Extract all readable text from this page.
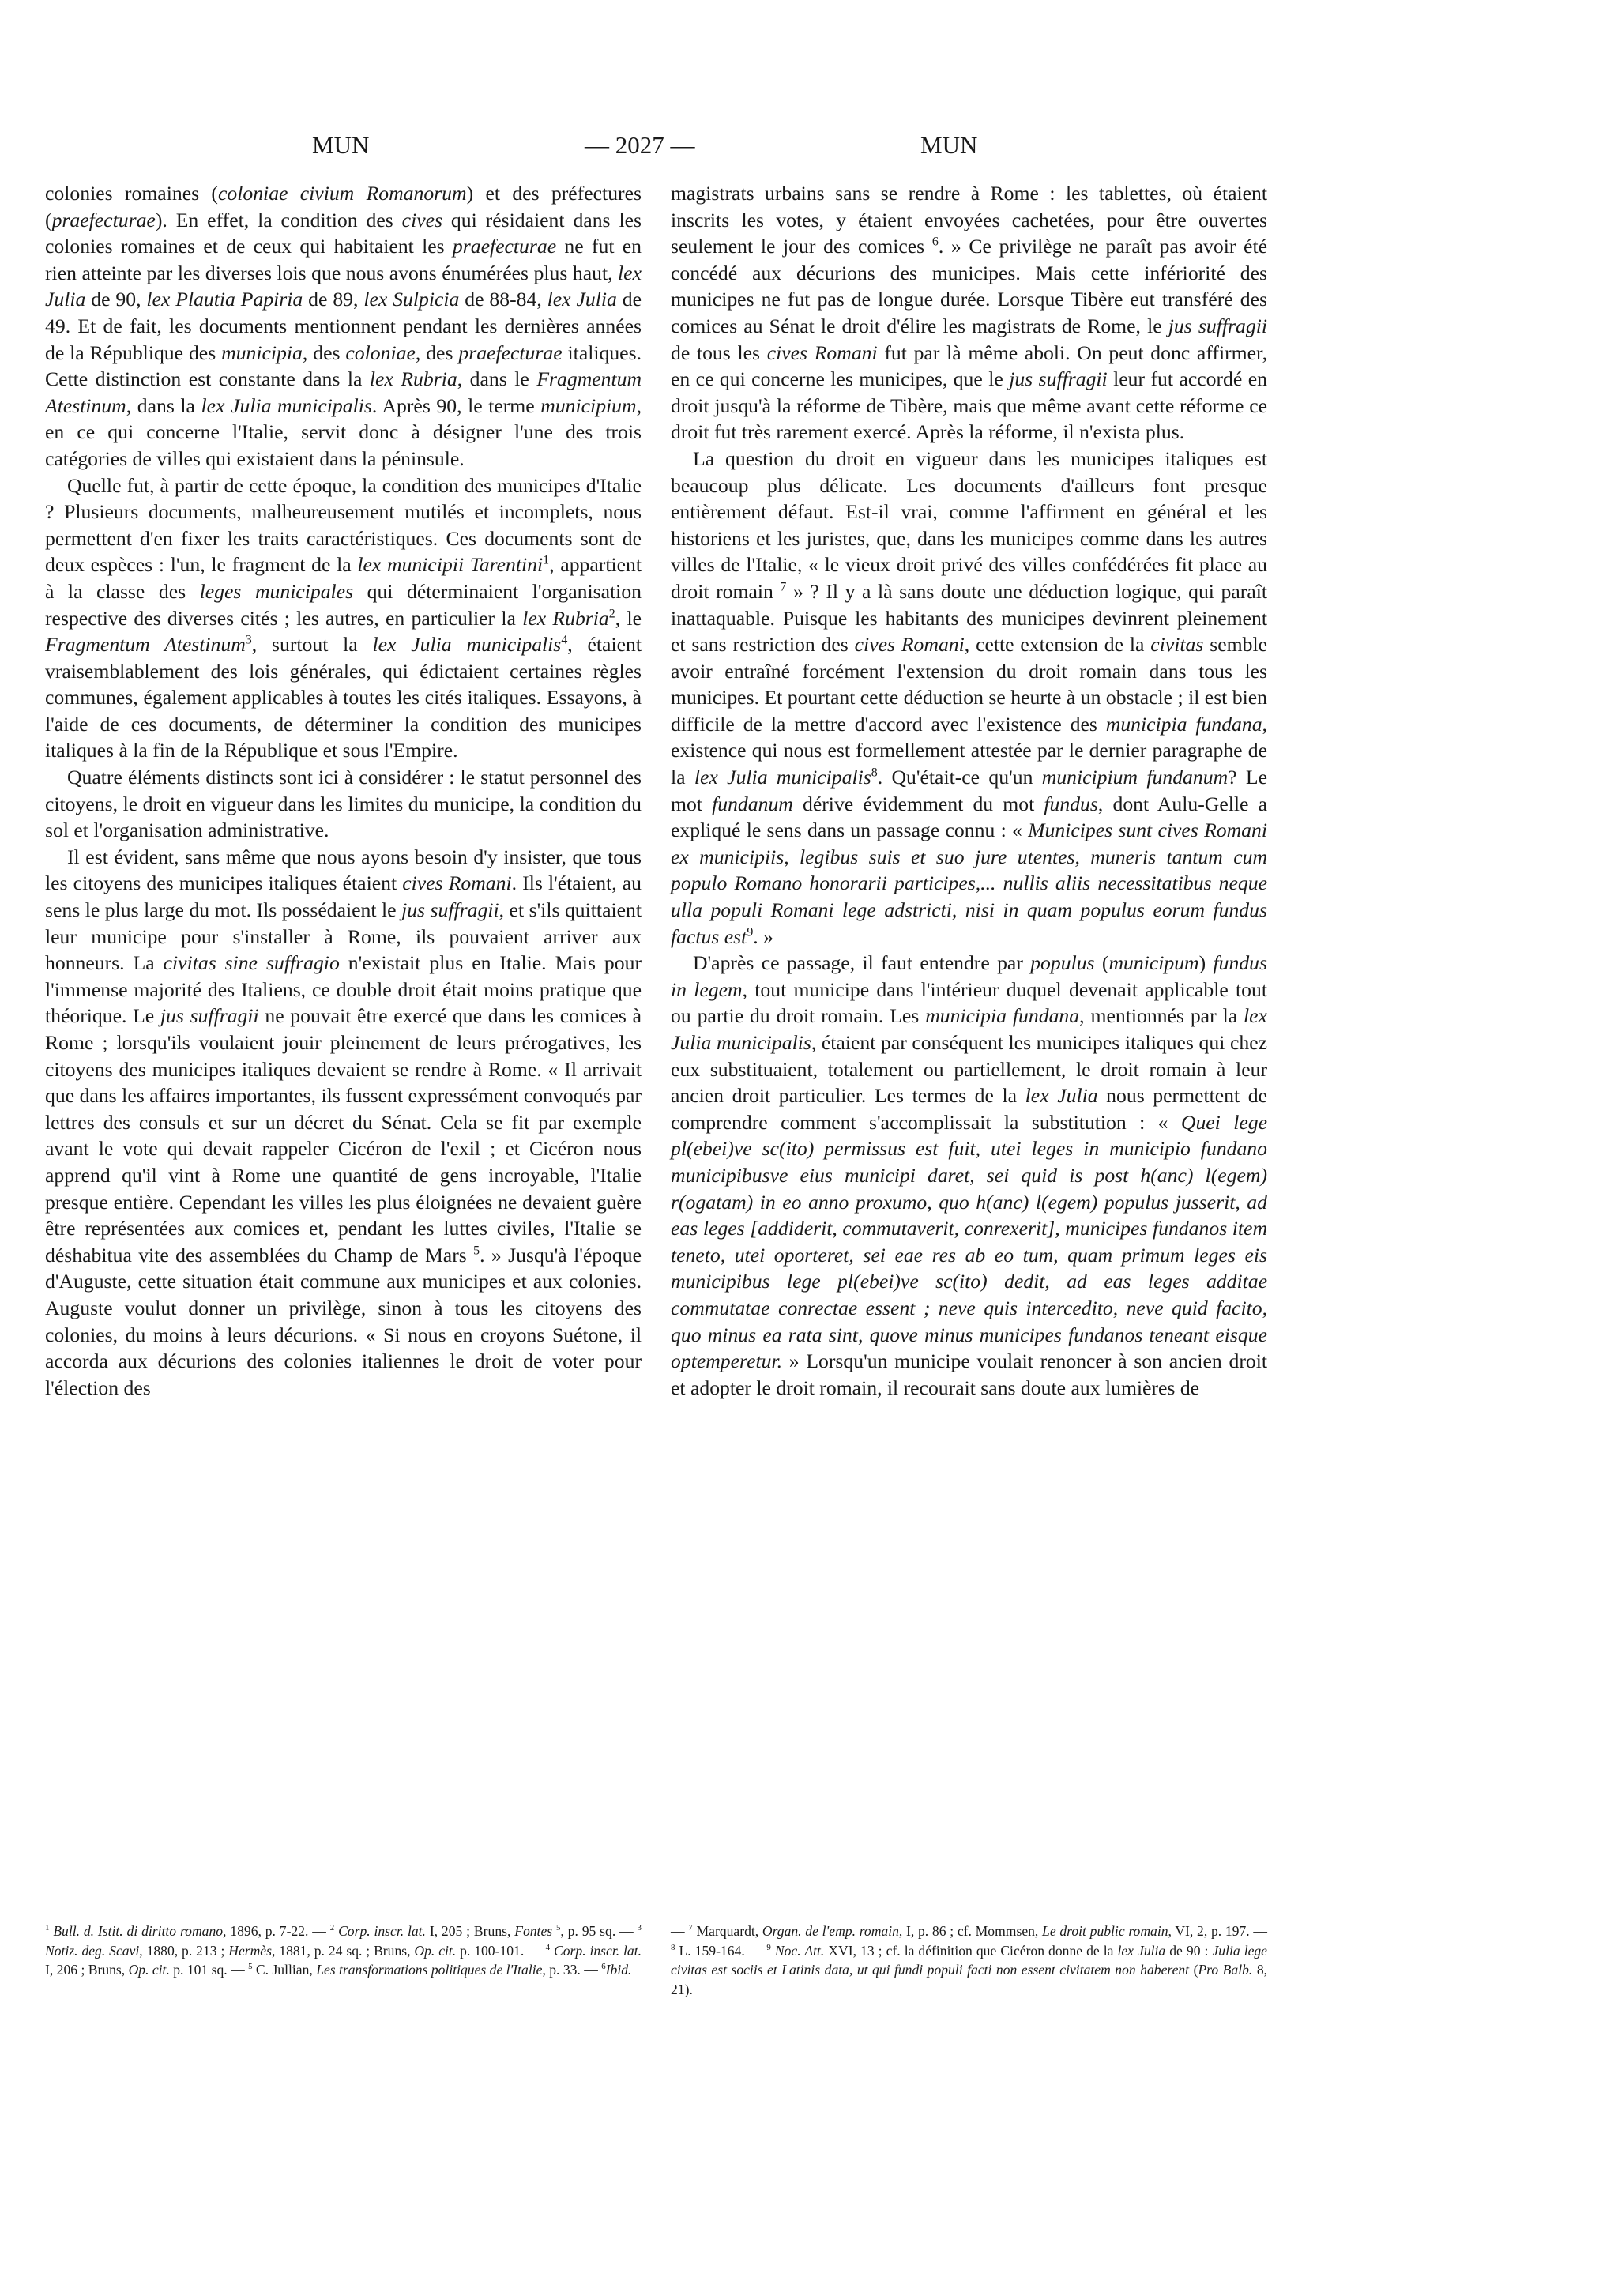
MUN	— 2027 —	MUN

colonies romaines (coloniae civium Romanorum) et des préfectures (praefecturae). En effet, la condition des cives qui résidaient dans les colonies romaines et de ceux qui habitaient les praefecturae ne fut en rien atteinte par les diverses lois que nous avons énumérées plus haut, lex Julia de 90, lex Plautia Papiria de 89, lex Sulpicia de 88-84, lex Julia de 49. Et de fait, les documents mentionnent pendant les dernières années de la République des municipia, des coloniae, des praefecturae italiques. Cette distinction est constante dans la lex Rubria, dans le Fragmentum Atestinum, dans la lex Julia municipalis. Après 90, le terme municipium, en ce qui concerne l'Italie, servit donc à désigner l'une des trois catégories de villes qui existaient dans la péninsule.

Quelle fut, à partir de cette époque, la condition des municipes d'Italie ? Plusieurs documents, malheureusement mutilés et incomplets, nous permettent d'en fixer les traits caractéristiques. Ces documents sont de deux espèces : l'un, le fragment de la lex municipii Tarentini$^1$, appartient à la classe des leges municipales qui déterminaient l'organisation respective des diverses cités ; les autres, en particulier la lex Rubria$^2$, le Fragmentum Atestinum$^3$, surtout la lex Julia municipalis$^4$, étaient vraisemblablement des lois générales, qui édictaient certaines règles communes, également applicables à toutes les cités italiques. Essayons, à l'aide de ces documents, de déterminer la condition des municipes italiques à la fin de la République et sous l'Empire.

Quatre éléments distincts sont ici à considérer : le statut personnel des citoyens, le droit en vigueur dans les limites du municipe, la condition du sol et l'organisation administrative.

Il est évident, sans même que nous ayons besoin d'y insister, que tous les citoyens des municipes italiques étaient cives Romani. Ils l'étaient, au sens le plus large du mot. Ils possédaient le jus suffragii, et s'ils quittaient leur municipe pour s'installer à Rome, ils pouvaient arriver aux honneurs. La civitas sine suffragio n'existait plus en Italie. Mais pour l'immense majorité des Italiens, ce double droit était moins pratique que théorique. Le jus suffragii ne pouvait être exercé que dans les comices à Rome ; lorsqu'ils voulaient jouir pleinement de leurs prérogatives, les citoyens des municipes italiques devaient se rendre à Rome. « Il arrivait que dans les affaires importantes, ils fussent expressément convoqués par lettres des consuls et sur un décret du Sénat. Cela se fit par exemple avant le vote qui devait rappeler Cicéron de l'exil ; et Cicéron nous apprend qu'il vint à Rome une quantité de gens incroyable, l'Italie presque entière. Cependant les villes les plus éloignées ne devaient guère être représentées aux comices et, pendant les luttes civiles, l'Italie se déshabitua vite des assemblées du Champ de Mars $^5$. » Jusqu'à l'époque d'Auguste, cette situation était commune aux municipes et aux colonies. Auguste voulut donner un privilège, sinon à tous les citoyens des colonies, du moins à leurs décurions. « Si nous en croyons Suétone, il accorda aux décurions des colonies italiennes le droit de voter pour l'élection des

magistrats urbains sans se rendre à Rome : les tablettes, où étaient inscrits les votes, y étaient envoyées cachetées, pour être ouvertes seulement le jour des comices $^6$. » Ce privilège ne paraît pas avoir été concédé aux décurions des municipes. Mais cette infériorité des municipes ne fut pas de longue durée. Lorsque Tibère eut transféré des comices au Sénat le droit d'élire les magistrats de Rome, le jus suffragii de tous les cives Romani fut par là même aboli. On peut donc affirmer, en ce qui concerne les municipes, que le jus suffragii leur fut accordé en droit jusqu'à la réforme de Tibère, mais que même avant cette réforme ce droit fut très rarement exercé. Après la réforme, il n'exista plus.

La question du droit en vigueur dans les municipes italiques est beaucoup plus délicate. Les documents d'ailleurs font presque entièrement défaut. Est-il vrai, comme l'affirment en général et les historiens et les juristes, que, dans les municipes comme dans les autres villes de l'Italie, « le vieux droit privé des villes confédérées fit place au droit romain $^7$ » ? Il y a là sans doute une déduction logique, qui paraît inattaquable. Puisque les habitants des municipes devinrent pleinement et sans restriction des cives Romani, cette extension de la civitas semble avoir entraîné forcément l'extension du droit romain dans tous les municipes. Et pourtant cette déduction se heurte à un obstacle ; il est bien difficile de la mettre d'accord avec l'existence des municipia fundana, existence qui nous est formellement attestée par le dernier paragraphe de la lex Julia municipalis$^8$. Qu'était-ce qu'un municipium fundanum? Le mot fundanum dérive évidemment du mot fundus, dont Aulu-Gelle a expliqué le sens dans un passage connu : « Municipes sunt cives Romani ex municipiis, legibus suis et suo jure utentes, muneris tantum cum populo Romano honorarii participes,... nullis aliis necessitatibus neque ulla populi Romani lege adstricti, nisi in quam populus eorum fundus factus est$^9$. »

D'après ce passage, il faut entendre par populus (municipum) fundus in legem, tout municipe dans l'intérieur duquel devenait applicable tout ou partie du droit romain. Les municipia fundana, mentionnés par la lex Julia municipalis, étaient par conséquent les municipes italiques qui chez eux substituaient, totalement ou partiellement, le droit romain à leur ancien droit particulier. Les termes de la lex Julia nous permettent de comprendre comment s'accomplissait la substitution : « Quei lege pl(ebei)ve sc(ito) permissus est fuit, utei leges in municipio fundano municipibusve eius municipi daret, sei quid is post h(anc) l(egem) r(ogatam) in eo anno proxumo, quo h(anc) l(egem) populus jusserit, ad eas leges [addiderit, commutaverit, conrexerit], municipes fundanos item teneto, utei oporteret, sei eae res ab eo tum, quam primum leges eis municipibus lege pl(ebei)ve sc(ito) dedit, ad eas leges additae commutatae conrectae essent ; neve quis intercedito, neve quid facito, quo minus ea rata sint, quove minus municipes fundanos teneant eisque optemperetur. » Lorsqu'un municipe voulait renoncer à son ancien droit et adopter le droit romain, il recourait sans doute aux lumières de

$^1$ Bull. d. Istit. di diritto romano, 1896, p. 7-22. — $^2$ Corp. inscr. lat. I, 205 ; Bruns, Fontes $^5$, p. 95 sq. — $^3$ Notiz. deg. Scavi, 1880, p. 213 ; Hermès, 1881, p. 24 sq. ; Bruns, Op. cit. p. 100-101. — $^4$ Corp. inscr. lat. I, 206 ; Bruns, Op. cit. p. 101 sq. — $^5$ C. Jullian, Les transformations politiques de l'Italie, p. 33. — $^6$Ibid.
— $^7$ Marquardt, Organ. de l'emp. romain, I, p. 86 ; cf. Mommsen, Le droit public romain, VI, 2, p. 197. — $^8$ L. 159-164. — $^9$ Noc. Att. XVI, 13 ; cf. la définition que Cicéron donne de la lex Julia de 90 : Julia lege civitas est sociis et Latinis data, ut qui fundi populi facti non essent civitatem non haberent (Pro Balb. 8, 21).
